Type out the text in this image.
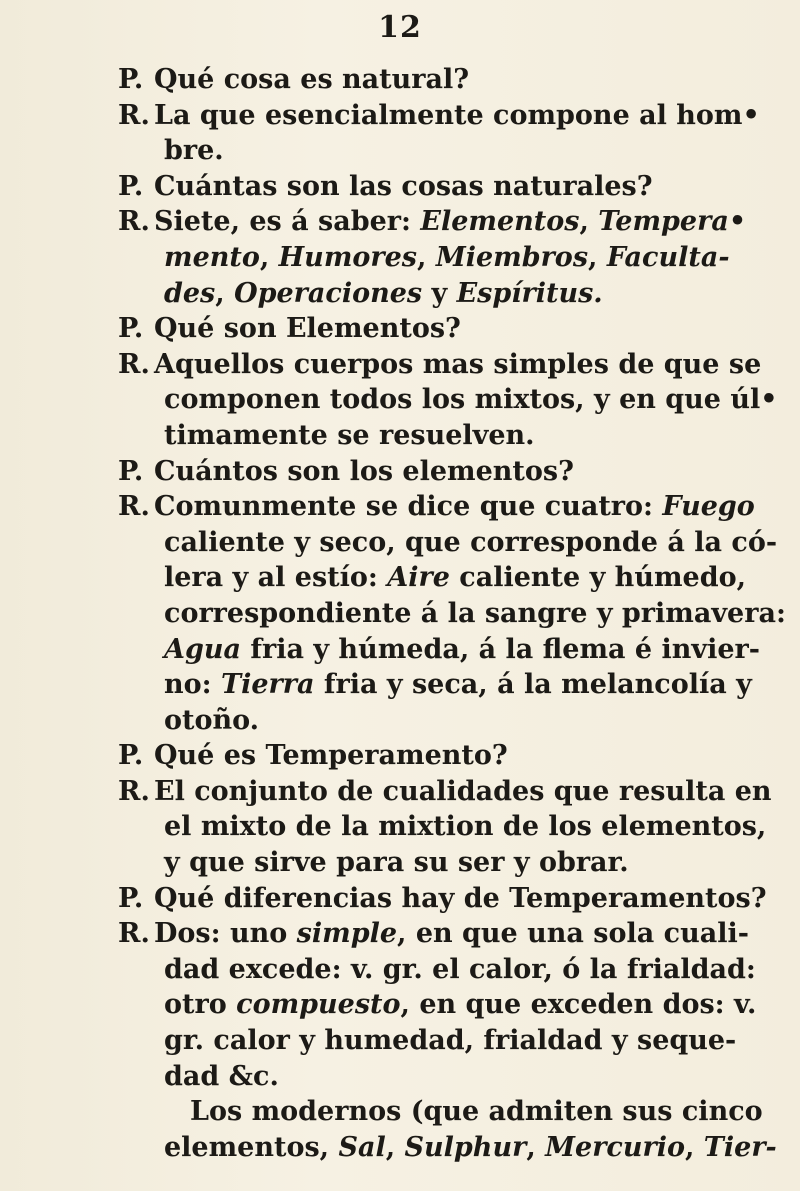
12
P. Qué cosa es natural?
R. La que esencialmente compone al hom•
bre.
P. Cuántas son las cosas naturales?
R. Siete, es á saber: Elementos, Tempera•
mento, Humores, Miembros, Faculta-
des, Operaciones y Espíritus.
P. Qué son Elementos?
R. Aquellos cuerpos mas simples de que se
componen todos los mixtos, y en que úl•
timamente se resuelven.
P. Cuántos son los elementos?
R. Comunmente se dice que cuatro: Fuego
caliente y seco, que corresponde á la có-
lera y al estío: Aire caliente y húmedo,
correspondiente á la sangre y primavera:
Agua fria y húmeda, á la flema é invier-
no: Tierra fria y seca, á la melancolía y
otoño.
P. Qué es Temperamento?
R. El conjunto de cualidades que resulta en
el mixto de la mixtion de los elementos,
y que sirve para su ser y obrar.
P. Qué diferencias hay de Temperamentos?
R. Dos: uno simple, en que una sola cuali-
dad excede: v. gr. el calor, ó la frialdad:
otro compuesto, en que exceden dos: v.
gr. calor y humedad, frialdad y seque-
dad &c.
Los modernos (que admiten sus cinco
elementos, Sal, Sulphur, Mercurio, Tier-
